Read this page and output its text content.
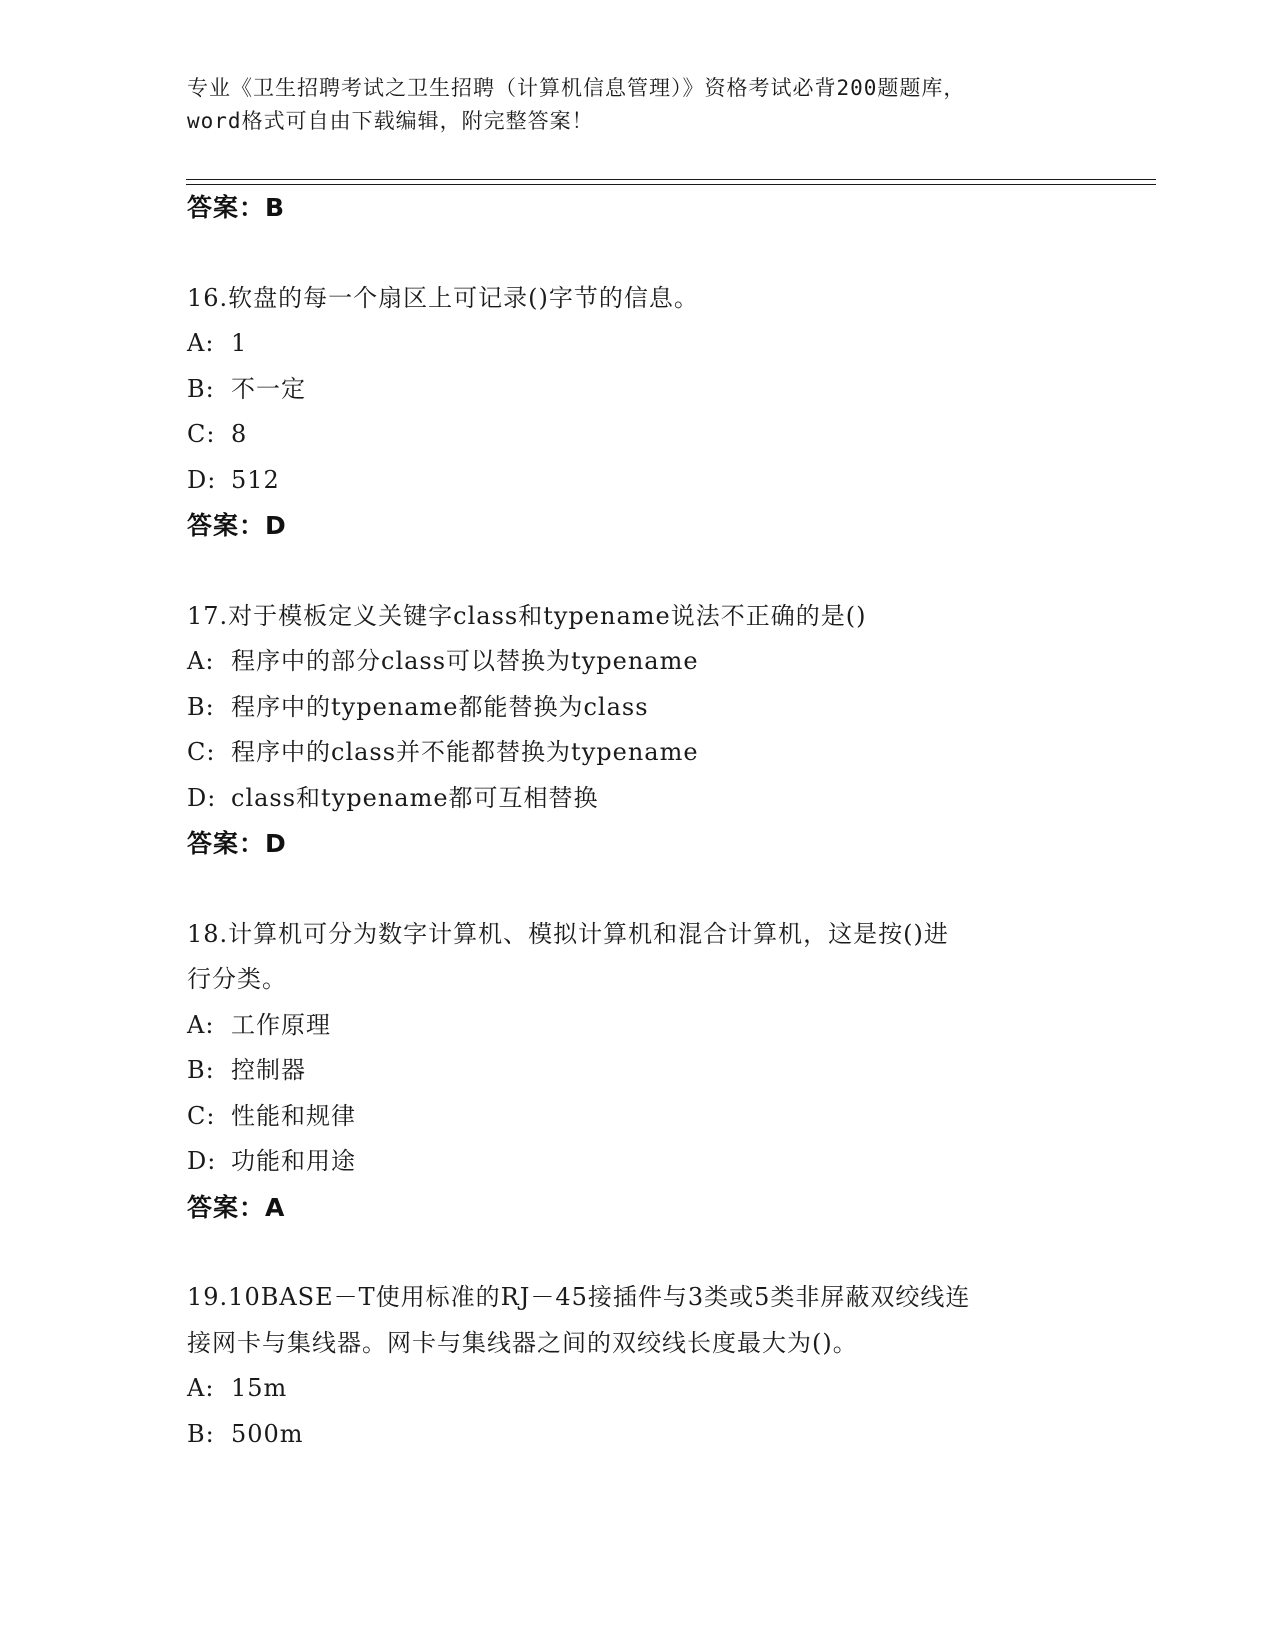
专业《卫生招聘考试之卫生招聘（计算机信息管理）》资格考试必背200题题库，
word格式可自由下载编辑，附完整答案！
答案：B
16.软盘的每一个扇区上可记录()字节的信息。
A: 1
B: 不一定
C: 8
D: 512
答案：D
17.对于模板定义关键字class和typename说法不正确的是()
A: 程序中的部分class可以替换为typename
B: 程序中的typename都能替换为class
C: 程序中的class并不能都替换为typename
D: class和typename都可互相替换
答案：D
18.计算机可分为数字计算机、模拟计算机和混合计算机，这是按()进
行分类。
A: 工作原理
B: 控制器
C: 性能和规律
D: 功能和用途
答案：A
19.10BASE－T使用标准的RJ－45接插件与3类或5类非屏蔽双绞线连
接网卡与集线器。网卡与集线器之间的双绞线长度最大为()。
A: 15m
B: 500m
